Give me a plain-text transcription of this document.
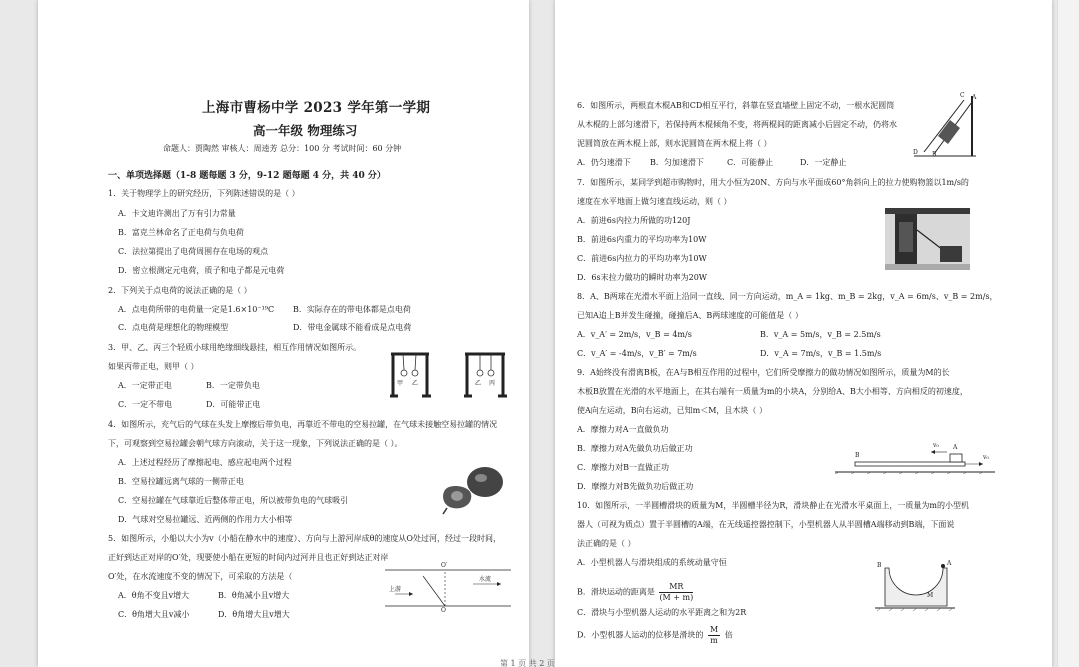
上海市曹杨中学 2023 学年第一学期
高一年级 物理练习
命题人：贾陶然 审核人：周逵芳 总分：100 分 考试时间：60 分钟
一、单项选择题（1-8 题每题 3 分，9-12 题每题 4 分，共 40 分）
1．关于物理学上的研究经历，下列陈述错误的是（ ）
A．卡文迪许测出了万有引力常量
B．富克兰林命名了正电荷与负电荷
C．法拉第提出了电荷周围存在电场的观点
D．密立根测定元电荷，质子和电子都是元电荷
2．下列关于点电荷的说法正确的是（ ）
A．点电荷所带的电荷量一定是1.6×10⁻¹⁹C B．实际存在的带电体都是点电荷
C．点电荷是理想化的物理模型	D．带电金属球不能看成是点电荷
3．甲、乙、丙三个轻质小球用绝缘细线悬挂，相互作用情况如图所示。
如果丙带正电，则甲（ ）
A．一定带正电	B．一定带负电
C．一定不带电	D．可能带正电
甲 乙	乙 丙
4．如图所示，充气后的气球在头发上摩擦后带负电，再靠近不带电的空易拉罐，在气球未接触空易拉罐的情况
下，可观察到空易拉罐会朝气球方向滚动，关于这一现象，下列说法正确的是（ ）。
A．上述过程经历了摩擦起电、感应起电两个过程
B．空易拉罐远离气球的一侧带正电
C．空易拉罐在气球靠近后整体带正电，所以被带负电的气球吸引
D．气球对空易拉罐远、近两侧的作用力大小相等
5．如图所示，小船以大小为v（小船在静水中的速度）、方向与上游河岸成θ的速度从O处过河，经过一段时间，
正好到达正对岸的O′处，现要使小船在更短的时间内过河并且也正好到达正对岸
O′处，在水流速度不变的情况下，可采取的方法是（
A．θ角不变且v增大	B．θ角减小且v增大
C．θ角增大且v减小	D．θ角增大且v增大
O′
水流
上游
O
6．如图所示，两根直木棍AB和CD相互平行，斜靠在竖直墙壁上固定不动，一根水泥圆筒
从木棍的上部匀速滑下，若保持两木棍倾角不变，将两棍间的距离减小后固定不动，仍将水
泥圆筒放在两木棍上部，则水泥圆筒在两木棍上将（ ）
A．仍匀速滑下 B．匀加速滑下	C．可能静止	D．一定静止
C A
D B
7．如图所示，某同学到超市购物时，用大小恒为20N、方向与水平面成60°角斜向上的拉力使购物篮以1m/s的
速度在水平地面上做匀速直线运动，则（ ）
A．前进6s内拉力所做的功120J
B．前进6s内重力的平均功率为10W
C．前进6s内拉力的平均功率为10W
D．6s末拉力做功的瞬时功率为20W
8．A、B两球在光滑水平面上沿同一直线、同一方向运动，m_A = 1kg、m_B = 2kg，v_A = 6m/s、v_B = 2m/s，
已知A追上B并发生碰撞，碰撞后A、B两球速度的可能值是（ ）
A．v_A′ = 2m/s，v_B = 4m/s	B．v_A = 5m/s，v_B = 2.5m/s
C．v_A′ = -4m/s，v_B′ = 7m/s	D．v_A = 7m/s，v_B = 1.5m/s
9．A始终没有滑离B板，在A与B相互作用的过程中，它们所受摩擦力的做功情况如图所示，质量为M的长
木板B放置在光滑的水平地面上，在其右端有一质量为m的小块A，分别给A、B大小相等、方向相反的初速度，
使A向左运动，B向右运动，已知m＜M，且木块（ ）
A．摩擦力对A一直做负功
B．摩擦力对A先做负功后做正功
C．摩擦力对B一直做正功
D．摩擦力对B先做负功后做正功
v₀ A
B	v₀
10．如图所示，一半圆槽滑块的质量为M，半圆槽半径为R，滑块静止在光滑水平桌面上，一质量为m的小型机
器人（可视为质点）置于半圆槽的A端，在无线遥控器控制下，小型机器人从半圆槽A端移动到B端，下面说
法正确的是（ ）
A．小型机器人与滑块组成的系统动量守恒
B．滑块运动的距离是 $\frac{MR}{(M + m)}$
C．滑块与小型机器人运动的水平距离之和为2R
D．小型机器人运动的位移是滑块的 $\frac{M}{m}$ 倍
B	A
M
第 1 页 共 2 页
